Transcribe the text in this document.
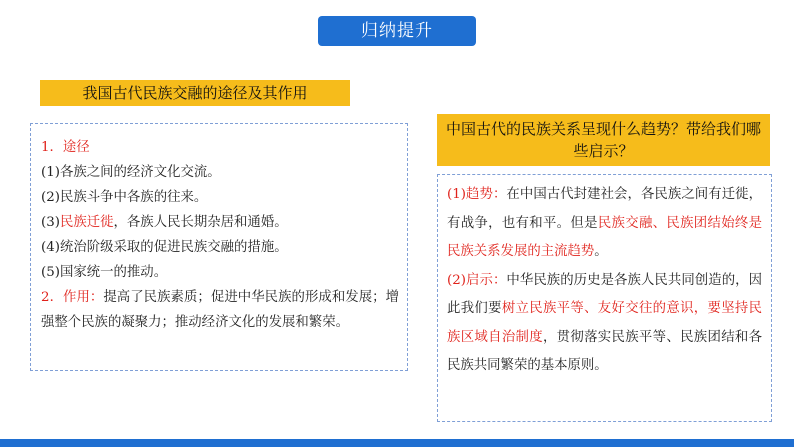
归纳提升
我国古代民族交融的途径及其作用
1．途径
(1)各族之间的经济文化交流。
(2)民族斗争中各族的往来。
(3)民族迁徙，各族人民长期杂居和通婚。
(4)统治阶级采取的促进民族交融的措施。
(5)国家统一的推动。
2．作用：提高了民族素质；促进中华民族的形成和发展；增强整个民族的凝聚力；推动经济文化的发展和繁荣。
中国古代的民族关系呈现什么趋势？带给我们哪些启示？
(1)趋势：在中国古代封建社会，各民族之间有迁徙，有战争，也有和平。但是民族交融、民族团结始终是民族关系发展的主流趋势。
(2)启示：中华民族的历史是各族人民共同创造的，因此我们要树立民族平等、友好交往的意识，要坚持民族区域自治制度，贯彻落实民族平等、民族团结和各民族共同繁荣的基本原则。
